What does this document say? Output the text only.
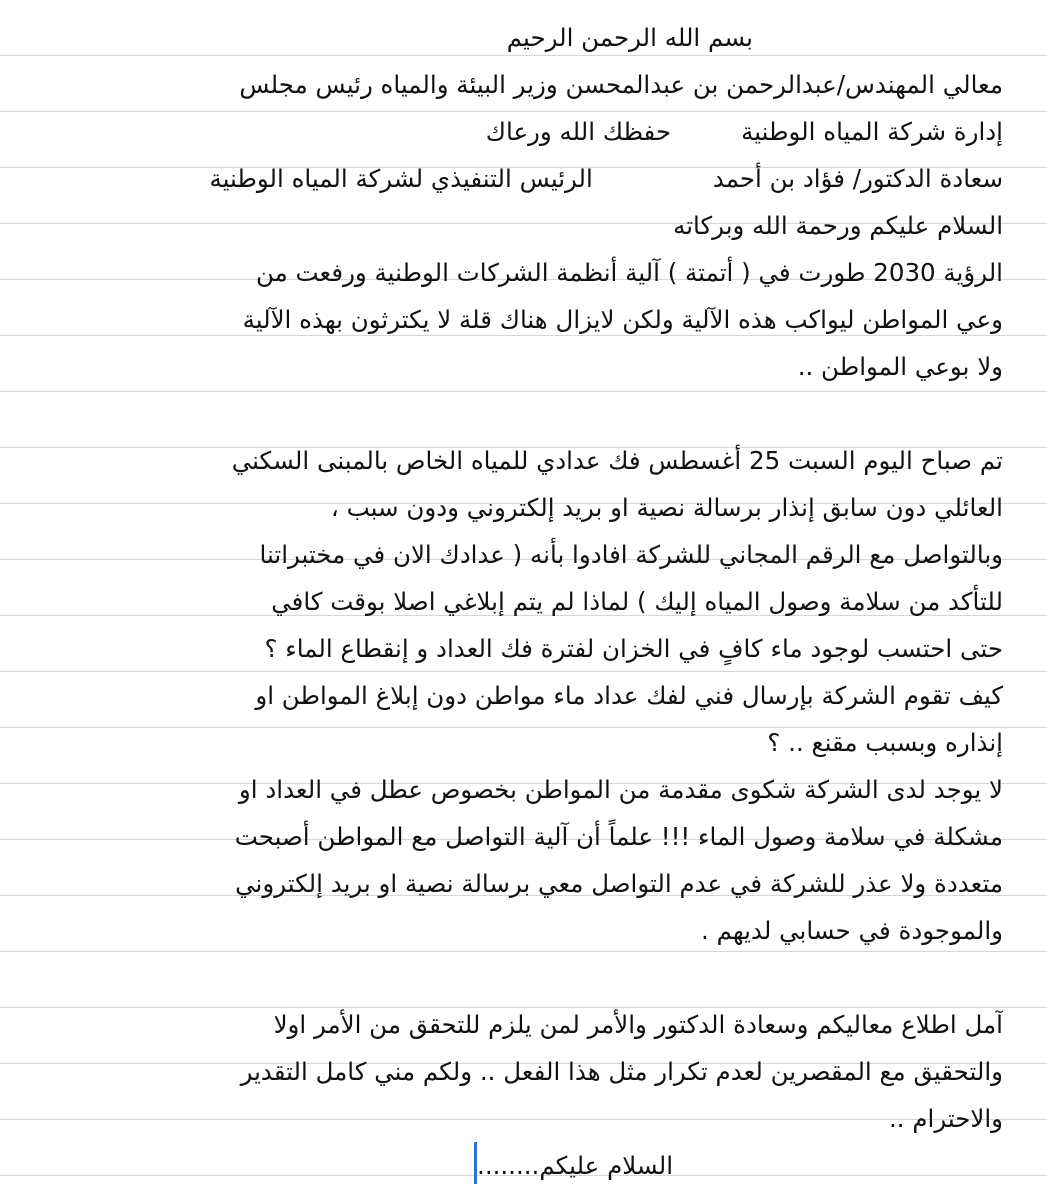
بسم الله الرحمن الرحيم
معالي المهندس/عبدالرحمن بن عبدالمحسن وزير البيئة والمياه رئيس مجلس
إدارة شركة المياه الوطنيةحفظك الله ورعاك
سعادة الدكتور/ فؤاد بن أحمدالرئيس التنفيذي لشركة المياه الوطنية
السلام عليكم ورحمة الله وبركاته
الرؤية 2030 طورت في ( أتمتة ) آلية أنظمة الشركات الوطنية ورفعت من
وعي المواطن ليواكب هذه الآلية ولكن لايزال هناك قلة لا يكترثون بهذه الآلية
ولا بوعي المواطن ..
تم صباح اليوم السبت 25 أغسطس فك عدادي للمياه الخاص بالمبنى السكني
العائلي دون سابق إنذار برسالة نصية او بريد إلكتروني ودون سبب ،
وبالتواصل مع الرقم المجاني للشركة افادوا بأنه ( عدادك الان في مختبراتنا
للتأكد من سلامة وصول المياه إليك ) لماذا لم يتم إبلاغي اصلا بوقت كافي
حتى احتسب لوجود ماء كافٍ في الخزان لفترة فك العداد و إنقطاع الماء ؟
كيف تقوم الشركة بإرسال فني لفك عداد ماء مواطن دون إبلاغ المواطن او
إنذاره وبسبب مقنع .. ؟
لا يوجد لدى الشركة شكوى مقدمة من المواطن بخصوص عطل في العداد او
مشكلة في سلامة وصول الماء !!! علماً أن آلية التواصل مع المواطن أصبحت
متعددة ولا عذر للشركة في عدم التواصل معي برسالة نصية او بريد إلكتروني
والموجودة في حسابي لديهم .
آمل اطلاع معاليكم وسعادة الدكتور والأمر لمن يلزم للتحقق من الأمر اولا
والتحقيق مع المقصرين لعدم تكرار مثل هذا الفعل .. ولكم مني كامل التقدير
والاحترام ..
السلام عليكم........
